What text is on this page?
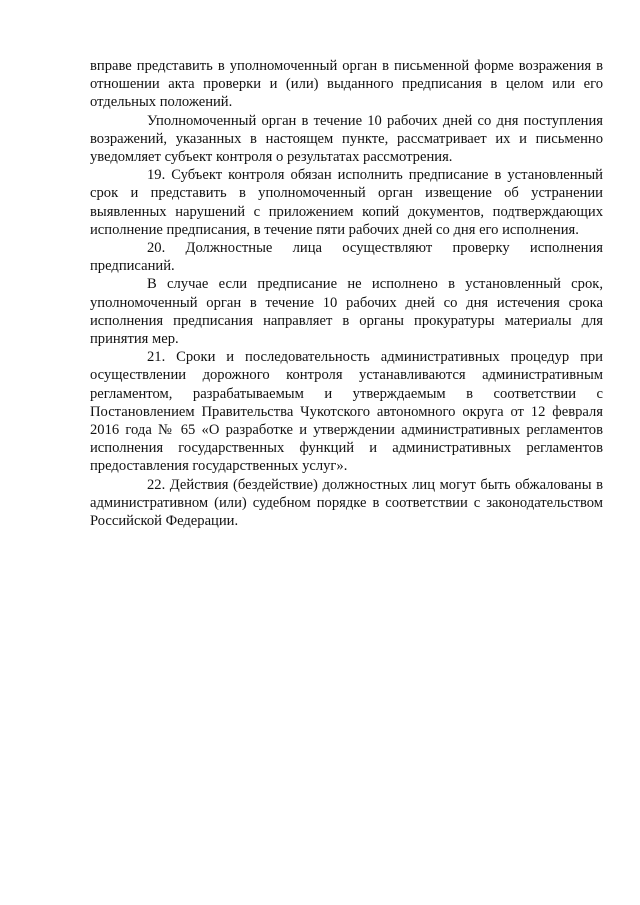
вправе представить в уполномоченный орган в письменной форме возражения в отношении акта проверки и (или) выданного предписания в целом или его отдельных положений.

Уполномоченный орган в течение 10 рабочих дней со дня поступления возражений, указанных в настоящем пункте, рассматривает их и письменно уведомляет субъект контроля о результатах рассмотрения.

19. Субъект контроля обязан исполнить предписание в установленный срок и представить в уполномоченный орган извещение об устранении выявленных нарушений с приложением копий документов, подтверждающих исполнение предписания, в течение пяти рабочих дней со дня его исполнения.

20. Должностные лица осуществляют проверку исполнения предписаний.

В случае если предписание не исполнено в установленный срок, уполномоченный орган в течение 10 рабочих дней со дня истечения срока исполнения предписания направляет в органы прокуратуры материалы для принятия мер.

21. Сроки и последовательность административных процедур при осуществлении дорожного контроля устанавливаются административным регламентом, разрабатываемым и утверждаемым в соответствии с Постановлением Правительства Чукотского автономного округа от 12 февраля 2016 года № 65 «О разработке и утверждении административных регламентов исполнения государственных функций и административных регламентов предоставления государственных услуг».

22. Действия (бездействие) должностных лиц могут быть обжалованы в административном (или) судебном порядке в соответствии с законодательством Российской Федерации.
